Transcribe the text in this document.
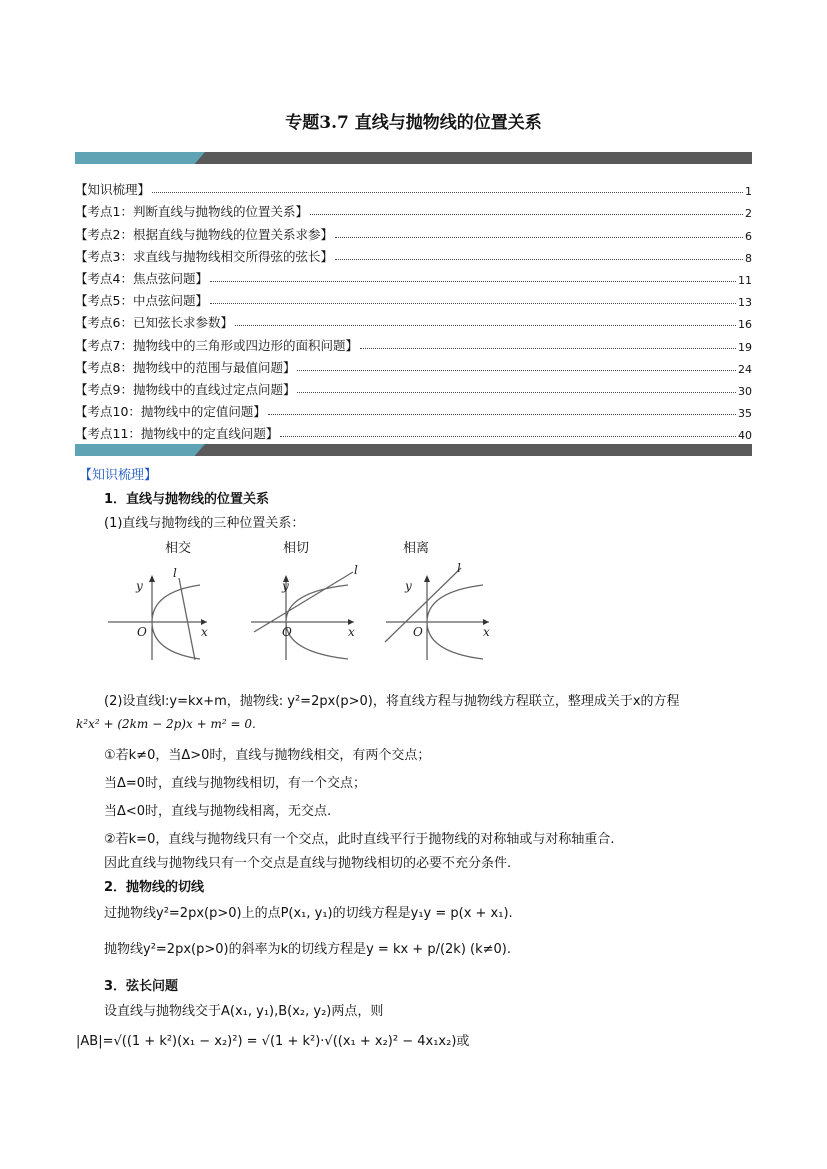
专题3.7 直线与抛物线的位置关系
【知识梳理】	1
【考点1：判断直线与抛物线的位置关系】	2
【考点2：根据直线与抛物线的位置关系求参】	6
【考点3：求直线与抛物线相交所得弦的弦长】	8
【考点4：焦点弦问题】	11
【考点5：中点弦问题】	13
【考点6：已知弦长求参数】	16
【考点7：抛物线中的三角形或四边形的面积问题】	19
【考点8：抛物线中的范围与最值问题】	24
【考点9：抛物线中的直线过定点问题】	30
【考点10：抛物线中的定值问题】	35
【考点11：抛物线中的定直线问题】	40
【知识梳理】
1．直线与抛物线的位置关系
(1)直线与抛物线的三种位置关系：
相交	相切	相离
y
l
x
O
y
l
x
O
y
l
x
O
(2)设直线l:y=kx+m，抛物线: y²=2px(p>0)，将直线方程与抛物线方程联立，整理成关于x的方程
k²x² + (2km − 2p)x + m² = 0.
①若k≠0，当Δ>0时，直线与抛物线相交，有两个交点；
当Δ=0时，直线与抛物线相切，有一个交点；
当Δ<0时，直线与抛物线相离，无交点.
②若k=0，直线与抛物线只有一个交点，此时直线平行于抛物线的对称轴或与对称轴重合.
因此直线与抛物线只有一个交点是直线与抛物线相切的必要不充分条件.
2．抛物线的切线
过抛物线y²=2px(p>0)上的点P(x₁, y₁)的切线方程是y₁y = p(x + x₁).
抛物线y²=2px(p>0)的斜率为k的切线方程是y = kx + p/(2k) (k≠0).
3．弦长问题
设直线与抛物线交于A(x₁, y₁),B(x₂, y₂)两点，则
|AB|=√((1 + k²)(x₁ − x₂)²) = √(1 + k²)·√((x₁ + x₂)² − 4x₁x₂)或
